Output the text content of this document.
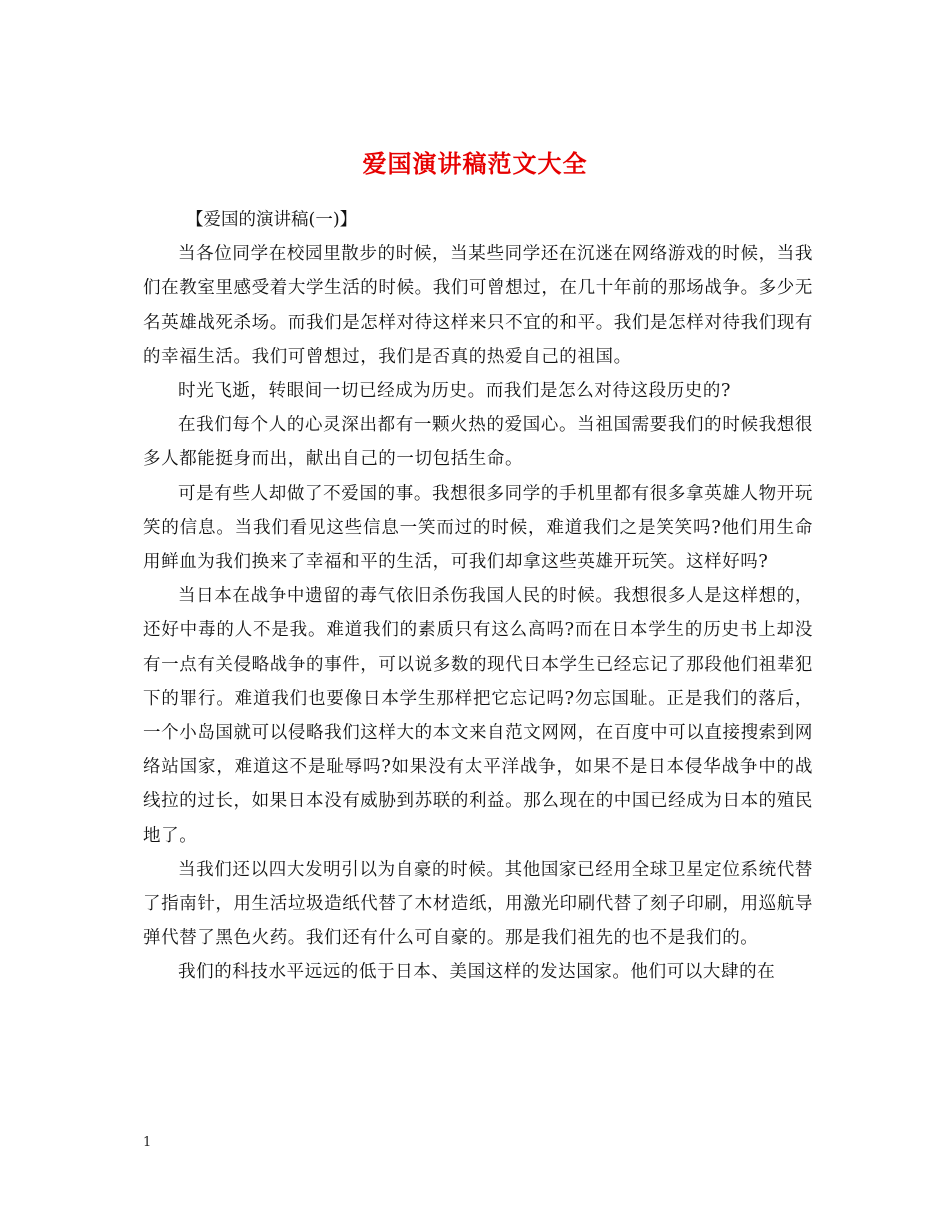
爱国演讲稿范文大全

【爱国的演讲稿(一)】

当各位同学在校园里散步的时候，当某些同学还在沉迷在网络游戏的时候，当我们在教室里感受着大学生活的时候。我们可曾想过，在几十年前的那场战争。多少无名英雄战死杀场。而我们是怎样对待这样来只不宜的和平。我们是怎样对待我们现有的幸福生活。我们可曾想过，我们是否真的热爱自己的祖国。

时光飞逝，转眼间一切已经成为历史。而我们是怎么对待这段历史的?

在我们每个人的心灵深出都有一颗火热的爱国心。当祖国需要我们的时候我想很多人都能挺身而出，献出自己的一切包括生命。

可是有些人却做了不爱国的事。我想很多同学的手机里都有很多拿英雄人物开玩笑的信息。当我们看见这些信息一笑而过的时候，难道我们之是笑笑吗?他们用生命用鲜血为我们换来了幸福和平的生活，可我们却拿这些英雄开玩笑。这样好吗?

当日本在战争中遗留的毒气依旧杀伤我国人民的时候。我想很多人是这样想的，还好中毒的人不是我。难道我们的素质只有这么高吗?而在日本学生的历史书上却没有一点有关侵略战争的事件，可以说多数的现代日本学生已经忘记了那段他们祖辈犯下的罪行。难道我们也要像日本学生那样把它忘记吗?勿忘国耻。正是我们的落后，一个小岛国就可以侵略我们这样大的本文来自范文网网，在百度中可以直接搜索到网络站国家，难道这不是耻辱吗?如果没有太平洋战争，如果不是日本侵华战争中的战线拉的过长，如果日本没有威胁到苏联的利益。那么现在的中国已经成为日本的殖民地了。

当我们还以四大发明引以为自豪的时候。其他国家已经用全球卫星定位系统代替了指南针，用生活垃圾造纸代替了木材造纸，用激光印刷代替了刻子印刷，用巡航导弹代替了黑色火药。我们还有什么可自豪的。那是我们祖先的也不是我们的。

我们的科技水平远远的低于日本、美国这样的发达国家。他们可以大肆的在

1
